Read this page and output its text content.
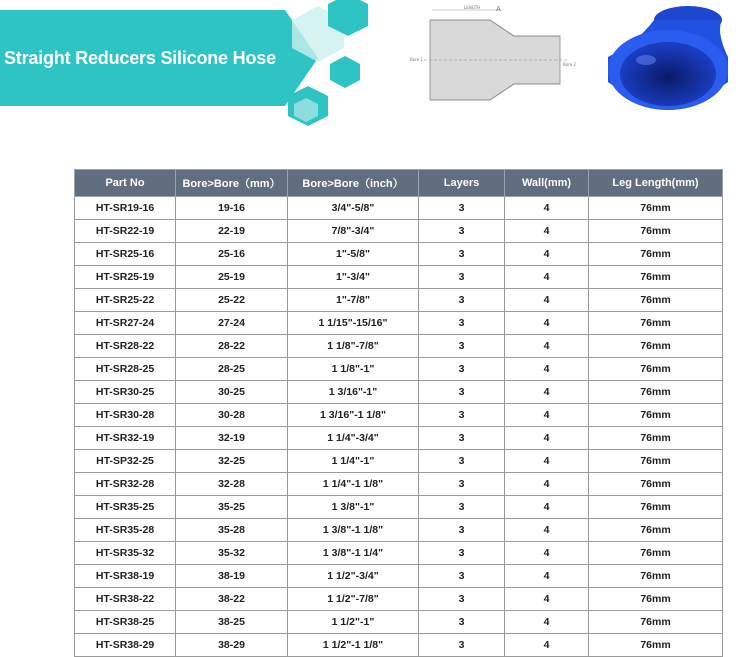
Straight Reducers Silicone Hose
LENGTH A
Bore 1
Bore 2
Part No	Bore>Bore（mm）	Bore>Bore（inch）	Layers	Wall(mm)	Leg Length(mm)
HT-SR19-16	19-16	3/4"-5/8"	3	4	76mm
HT-SR22-19	22-19	7/8"-3/4"	3	4	76mm
HT-SR25-16	25-16	1"-5/8"	3	4	76mm
HT-SR25-19	25-19	1"-3/4"	3	4	76mm
HT-SR25-22	25-22	1"-7/8"	3	4	76mm
HT-SR27-24	27-24	1 1/15"-15/16"	3	4	76mm
HT-SR28-22	28-22	1 1/8"-7/8"	3	4	76mm
HT-SR28-25	28-25	1 1/8"-1"	3	4	76mm
HT-SR30-25	30-25	1 3/16"-1"	3	4	76mm
HT-SR30-28	30-28	1 3/16"-1 1/8"	3	4	76mm
HT-SR32-19	32-19	1 1/4"-3/4"	3	4	76mm
HT-SP32-25	32-25	1 1/4"-1"	3	4	76mm
HT-SR32-28	32-28	1 1/4"-1 1/8"	3	4	76mm
HT-SR35-25	35-25	1 3/8"-1"	3	4	76mm
HT-SR35-28	35-28	1 3/8"-1 1/8"	3	4	76mm
HT-SR35-32	35-32	1 3/8"-1 1/4"	3	4	76mm
HT-SR38-19	38-19	1 1/2"-3/4"	3	4	76mm
HT-SR38-22	38-22	1 1/2"-7/8"	3	4	76mm
HT-SR38-25	38-25	1 1/2"-1"	3	4	76mm
HT-SR38-29	38-29	1 1/2"-1 1/8"	3	4	76mm
